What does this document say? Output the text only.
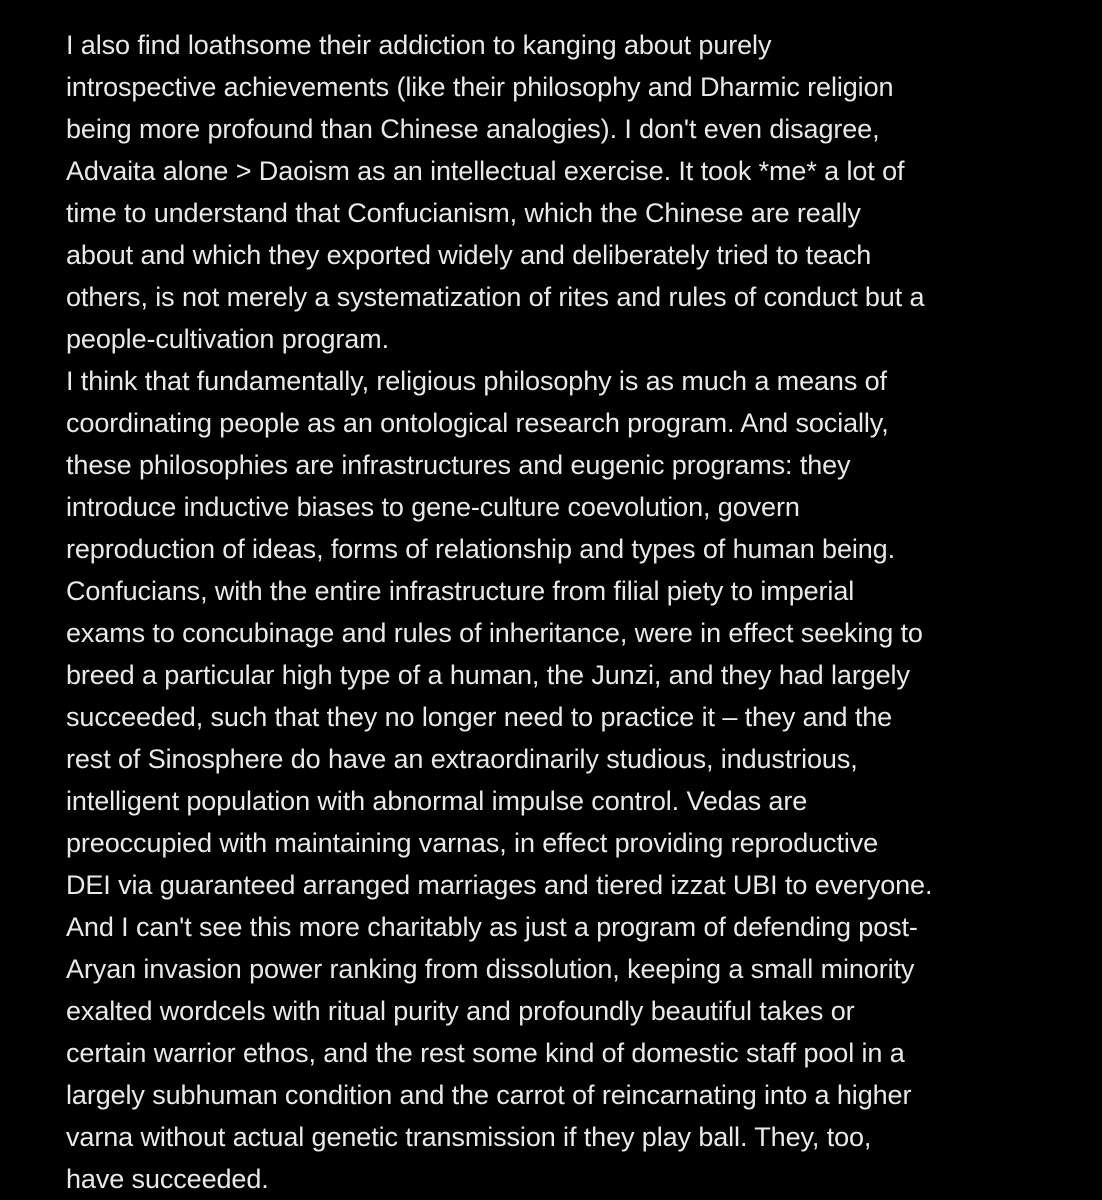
I also find loathsome their addiction to kanging about purely
introspective achievements (like their philosophy and Dharmic religion
being more profound than Chinese analogies). I don't even disagree,
Advaita alone > Daoism as an intellectual exercise. It took *me* a lot of
time to understand that Confucianism, which the Chinese are really
about and which they exported widely and deliberately tried to teach
others, is not merely a systematization of rites and rules of conduct but a
people-cultivation program.
I think that fundamentally, religious philosophy is as much a means of
coordinating people as an ontological research program. And socially,
these philosophies are infrastructures and eugenic programs: they
introduce inductive biases to gene-culture coevolution, govern
reproduction of ideas, forms of relationship and types of human being.
Confucians, with the entire infrastructure from filial piety to imperial
exams to concubinage and rules of inheritance, were in effect seeking to
breed a particular high type of a human, the Junzi, and they had largely
succeeded, such that they no longer need to practice it – they and the
rest of Sinosphere do have an extraordinarily studious, industrious,
intelligent population with abnormal impulse control. Vedas are
preoccupied with maintaining varnas, in effect providing reproductive
DEI via guaranteed arranged marriages and tiered izzat UBI to everyone.
And I can't see this more charitably as just a program of defending post-
Aryan invasion power ranking from dissolution, keeping a small minority
exalted wordcels with ritual purity and profoundly beautiful takes or
certain warrior ethos, and the rest some kind of domestic staff pool in a
largely subhuman condition and the carrot of reincarnating into a higher
varna without actual genetic transmission if they play ball. They, too,
have succeeded.
